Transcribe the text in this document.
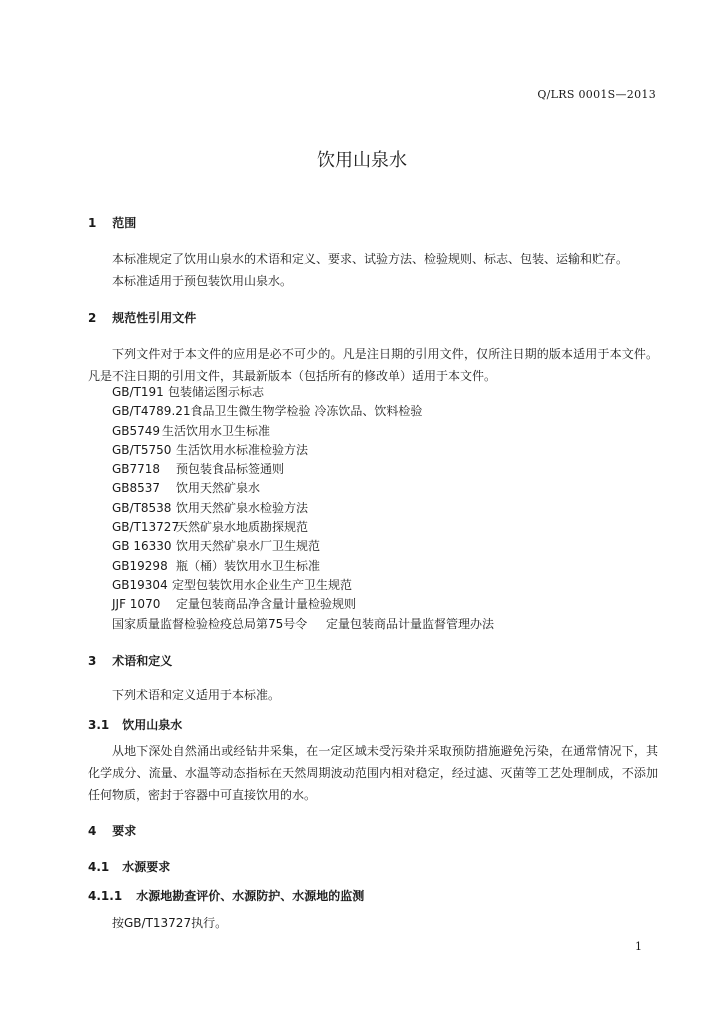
Q/LRS 0001S—2013
饮用山泉水
1 范围

本标准规定了饮用山泉水的术语和定义、要求、试验方法、检验规则、标志、包装、运输和贮存。

本标准适用于预包装饮用山泉水。

2 规范性引用文件

下列文件对于本文件的应用是必不可少的。凡是注日期的引用文件，仅所注日期的版本适用于本文件。凡是不注日期的引用文件，其最新版本（包括所有的修改单）适用于本文件。

GB/T191 包装储运图示标志
GB/T4789.21食品卫生微生物学检验 冷冻饮品、饮料检验
GB5749 生活饮用水卫生标准
GB/T5750 生活饮用水标准检验方法
GB7718 预包装食品标签通则
GB8537 饮用天然矿泉水
GB/T8538 饮用天然矿泉水检验方法
GB/T13727天然矿泉水地质勘探规范
GB 16330 饮用天然矿泉水厂卫生规范
GB19298 瓶（桶）装饮用水卫生标准
GB19304 定型包装饮用水企业生产卫生规范
JJF 1070 定量包装商品净含量计量检验规则
国家质量监督检验检疫总局第75号令 定量包装商品计量监督管理办法
3 术语和定义

下列术语和定义适用于本标准。

3.1 饮用山泉水

从地下深处自然涌出或经钻井采集，在一定区域未受污染并采取预防措施避免污染，在通常情况下，其化学成分、流量、水温等动态指标在天然周期波动范围内相对稳定，经过滤、灭菌等工艺处理制成，不添加任何物质，密封于容器中可直接饮用的水。

4 要求
4.1 水源要求
4.1.1 水源地勘查评价、水源防护、水源地的监测

按GB/T13727执行。

1
